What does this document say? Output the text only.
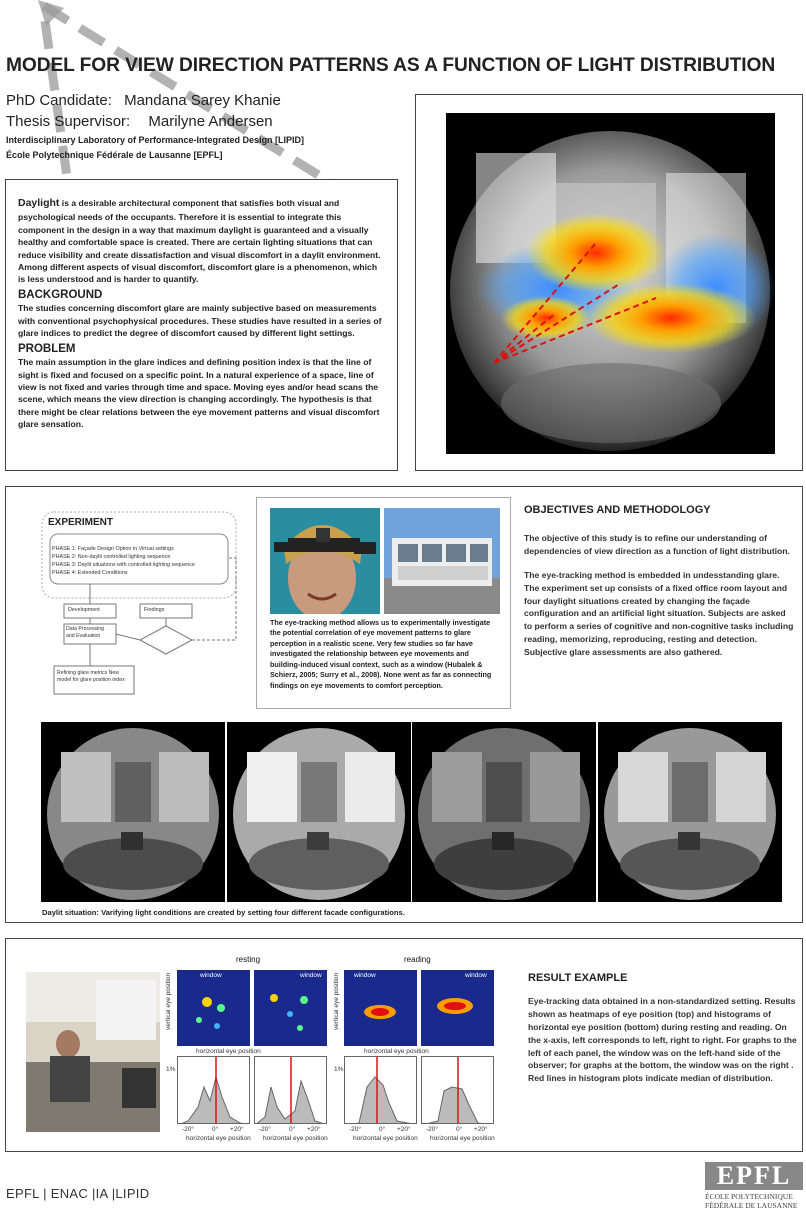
MODEL FOR VIEW DIRECTION PATTERNS AS A FUNCTION OF LIGHT DISTRIBUTION
PhD Candidate: Mandana Sarey Khanie
Thesis Supervisor: Marilyne Andersen
Interdisciplinary Laboratory of Performance-Integrated Design [LIPID]
École Polytechnique Fédérale de Lausanne [EPFL]
Daylight is a desirable architectural component that satisfies both visual and psychological needs of the occupants. Therefore it is essential to integrate this component in the design in a way that maximum daylight is guaranteed and a visually healthy and comfortable space is created. There are certain lighting situations that can reduce visibility and create dissatisfaction and visual discomfort in a daylit environment. Among different aspects of visual discomfort, discomfort glare is a phenomenon, which is less understood and is harder to quantify.
BACKGROUND
The studies concerning discomfort glare are mainly subjective based on measurements with conventional psychophysical procedures. These studies have resulted in a series of glare indices to predict the degree of discomfort caused by different light settings.
PROBLEM
The main assumption in the glare indices and defining position index is that the line of sight is fixed and focused on a specific point. In a natural experience of a space, line of view is not fixed and varies through time and space. Moving eyes and/or head scans the scene, which means the view direction is changing accordingly. The hypothesis is that there might be clear relations between the eye movement patterns and visual discomfort glare sensation.
EXPERIMENT
PHASE 1: Façade Design Option in Virtual settings
PHASE 2: Non-daylit controlled lighting sequence
PHASE 3: Daylit situations with controlled lighting sequence
PHASE 4: Extended Conditions
Development	Findings
Data Processing and Evaluation
Refining glare metrics New model for glare position index
The eye-tracking method allows us to experimentally investigate the potential correlation of eye movement patterns to glare perception in a realistic scene. Very few studies so far have investigated the relationship between eye movements and building-induced visual context, such as a window (Hubalek & Schierz, 2005; Surry et al., 2008). None went as far as connecting findings on eye movements to comfort perception.
OBJECTIVES AND METHODOLOGY

The objective of this study is to refine our understanding of dependencies of view direction as a function of light distribution.

The eye-tracking method is embedded in undesstanding glare. The experiment set up consists of a fixed office room layout and four daylight situations created by changing the façade configuration and an artificial light situation. Subjects are asked to perform a series of cognitive and non-cognitive tasks including reading, memorizing, reproducing, resting and detection. Subjective glare assessments are also gathered.

Daylit situation: Varifying light conditions are created by setting four different facade configurations.
resting	reading
vertical eye position	vertical eye position
window	window	window	window
horizontal eye position	horizontal eye position
1%	1%
-20°	0° +20° -20°	0° +20°	-20°	0° +20° -20°	0° +20°
horizontal eye position horizontal eye position	horizontal eye position horizontal eye position
RESULT EXAMPLE
Eye-tracking data obtained in a non-standardized setting. Results shown as heatmaps of eye position (top) and histograms of horizontal eye position (bottom) during resting and reading. On the x-axis, left corresponds to left, right to right. For graphs to the left of each panel, the window was on the left-hand side of the observer; for graphs at the bottom, the window was on the right . Red lines in histogram plots indicate median of distribution.
EPFL | ENAC |IA |LIPID
EPFL
ÉCOLE POLYTECHNIQUE
FÉDÉRALE DE LAUSANNE
